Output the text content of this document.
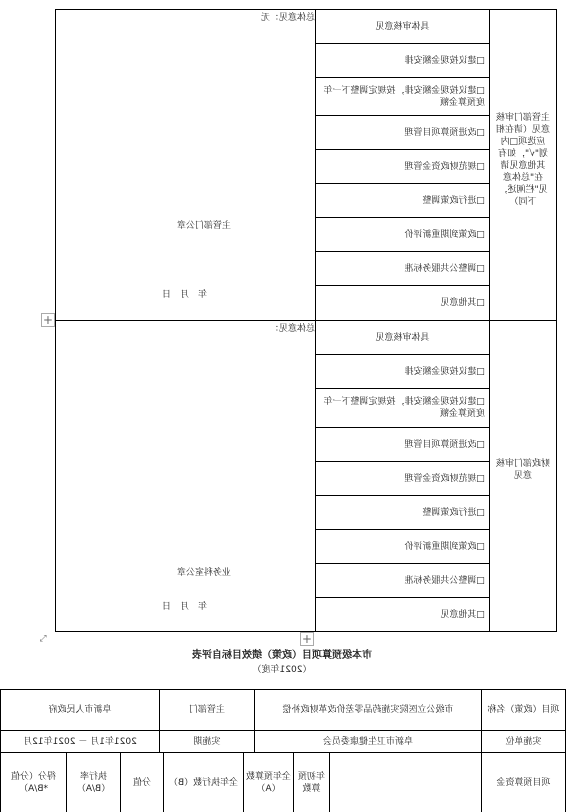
主管部门审核意见（请在相应选项□内划"√"，如有其他意见请在"总体意见"栏阐述，下同）
具体审核意见
□建议按现金额安排
□建议按现金额安排，按规定调整下一年度预算金额
□改进预算项目管理
□规范财政资金管理
□进行政策调整
□政策到期重新评价
□调整公共服务标准
□其他意见
总体意见：无
主管部门公章
年　月　日
财政部门审核意见
具体审核意见
□建议按现金额安排
□建议按现金额安排，按规定调整下一年度预算金额
□改进预算项目管理
□规范财政资金管理
□进行政策调整
□政策到期重新评价
□调整公共服务标准
□其他意见
总体意见：
业务科室公章
年　月　日
+
+
⤡
市本级预算项目（政策）绩效目标自评表
（2021年度）
项目（政策）名称
市级公立医院实施药品零差价改革财政补偿
主管部门
阜新市人民政府
实施单位
阜新市卫生健康委员会
实施期
2021年1月 － 2021年12月
项目预算资金
年初预算数
全年预算数（A）
全年执行数（B）
分值
执行率（B/A）
得分（分值*B/A）
